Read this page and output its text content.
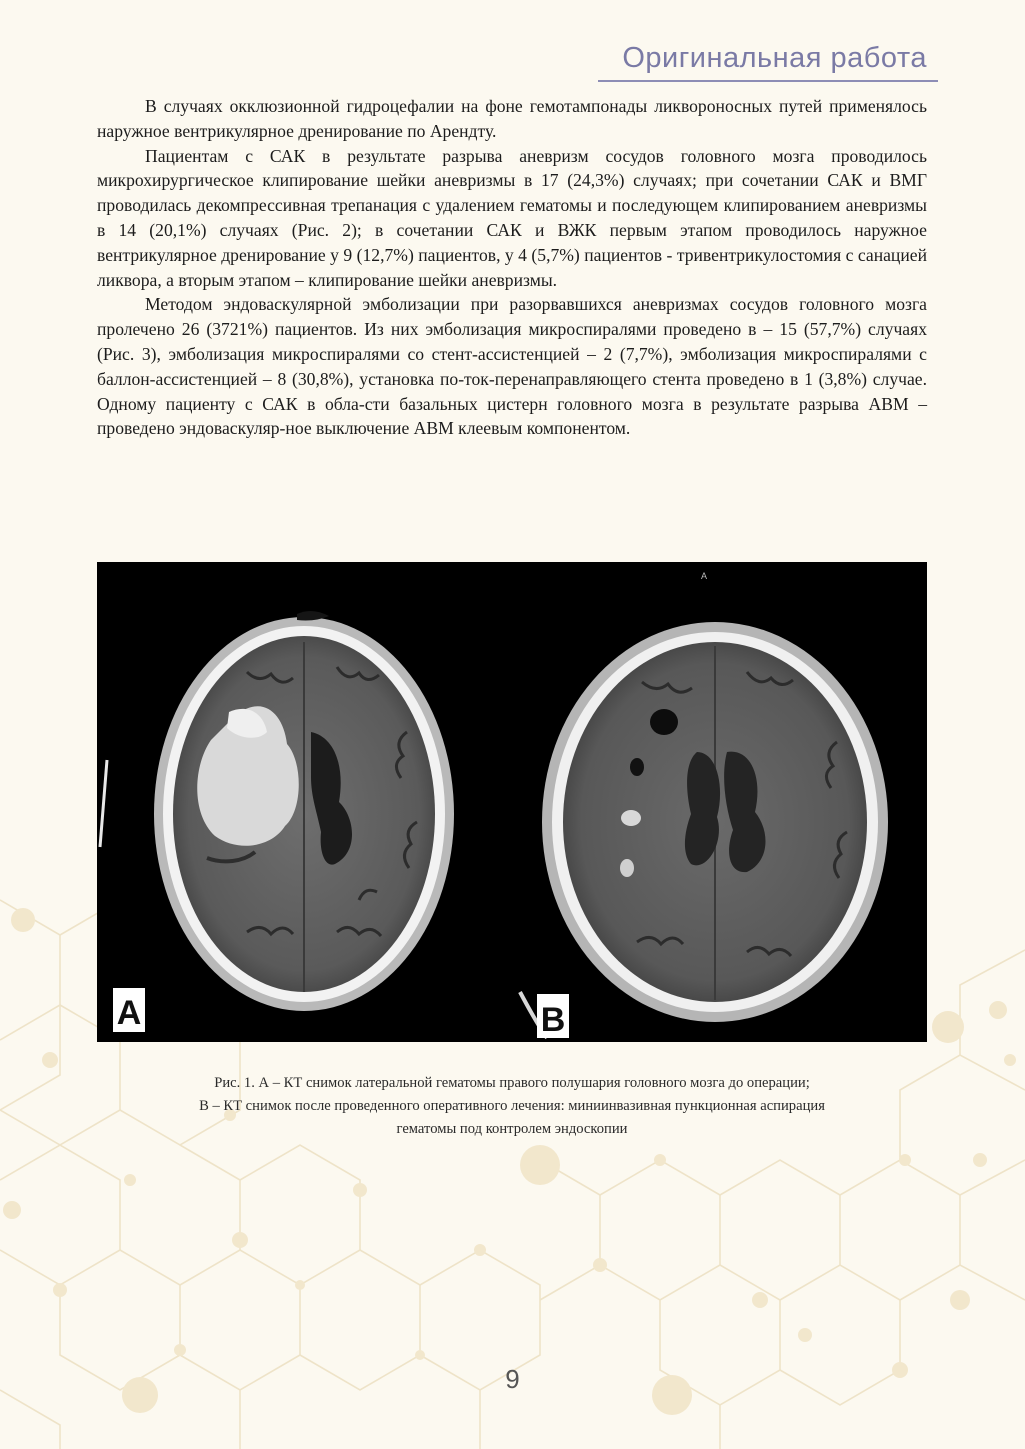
Оригинальная работа

В случаях окклюзионной гидроцефалии на фоне гемотампонады ликвороносных путей применялось наружное вентрикулярное дренирование по Арендту.

Пациентам с САК в результате разрыва аневризм сосудов головного мозга проводилось микрохирургическое клипирование шейки аневризмы в 17 (24,3%) случаях; при сочетании САК и ВМГ проводилась декомпрессивная трепанация с удалением гематомы и последующем клипированием аневризмы в 14 (20,1%) случаях (Рис. 2); в сочетании САК и ВЖК первым этапом проводилось наружное вентрикулярное дренирование у 9 (12,7%) пациентов, у 4 (5,7%) пациентов - тривентрикулостомия с санацией ликвора, а вторым этапом – клипирование шейки аневризмы.

Методом эндоваскулярной эмболизации при разорвавшихся аневризмах сосудов головного мозга пролечено 26 (3721%) пациентов. Из них эмболизация микроспиралями проведено в – 15 (57,7%) случаях (Рис. 3), эмболизация микроспиралями со стент-ассистенцией – 2 (7,7%), эмболизация микроспиралями с баллон-ассистенцией – 8 (30,8%), установка по-ток-перенаправляющего стента проведено в 1 (3,8%) случае. Одному пациенту с САК в обла-сти базальных цистерн головного мозга в результате разрыва АВМ – проведено эндоваскуляр-ное выключение АВМ клеевым компонентом.

A	B
A
Рис. 1. А – КТ снимок латеральной гематомы правого полушария головного мозга до операции;
В – КТ снимок после проведенного оперативного лечения: миниинвазивная пункционная аспирация
гематомы под контролем эндоскопии
9
